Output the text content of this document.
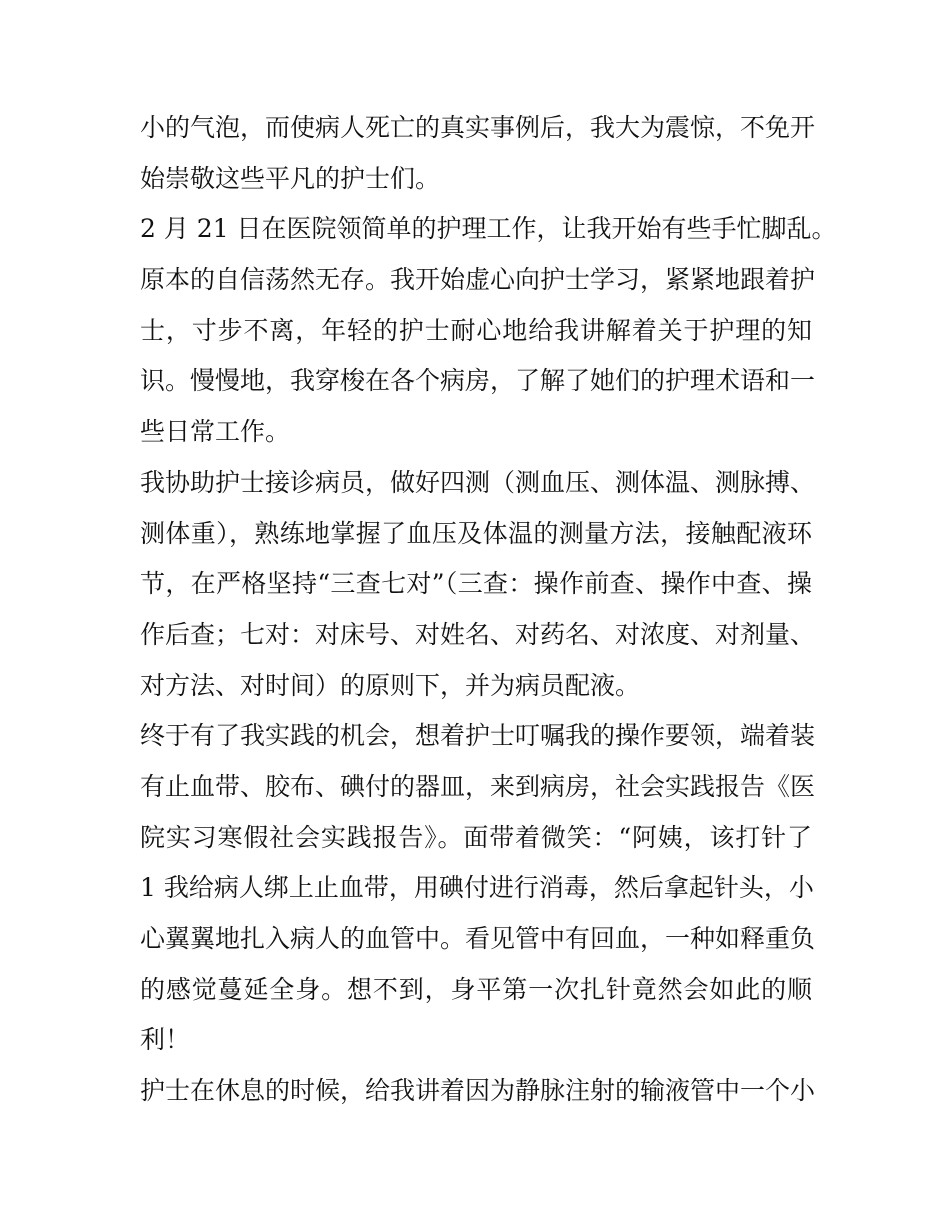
小的气泡，而使病人死亡的真实事例后，我大为震惊，不免开
始崇敬这些平凡的护士们。
2 月 21 日在医院领简单的护理工作，让我开始有些手忙脚乱。
原本的自信荡然无存。我开始虚心向护士学习，紧紧地跟着护
士，寸步不离，年轻的护士耐心地给我讲解着关于护理的知
识。慢慢地，我穿梭在各个病房，了解了她们的护理术语和一
些日常工作。
我协助护士接诊病员，做好四测（测血压、测体温、测脉搏、
测体重），熟练地掌握了血压及体温的测量方法，接触配液环
节，在严格坚持“三查七对”（三查：操作前查、操作中查、操
作后查；七对：对床号、对姓名、对药名、对浓度、对剂量、
对方法、对时间）的原则下，并为病员配液。
终于有了我实践的机会，想着护士叮嘱我的操作要领，端着装
有止血带、胶布、碘付的器皿，来到病房，社会实践报告《医
院实习寒假社会实践报告》。面带着微笑：“阿姨，该打针了
1 我给病人绑上止血带，用碘付进行消毒，然后拿起针头，小
心翼翼地扎入病人的血管中。看见管中有回血，一种如释重负
的感觉蔓延全身。想不到，身平第一次扎针竟然会如此的顺
利！
护士在休息的时候，给我讲着因为静脉注射的输液管中一个小
